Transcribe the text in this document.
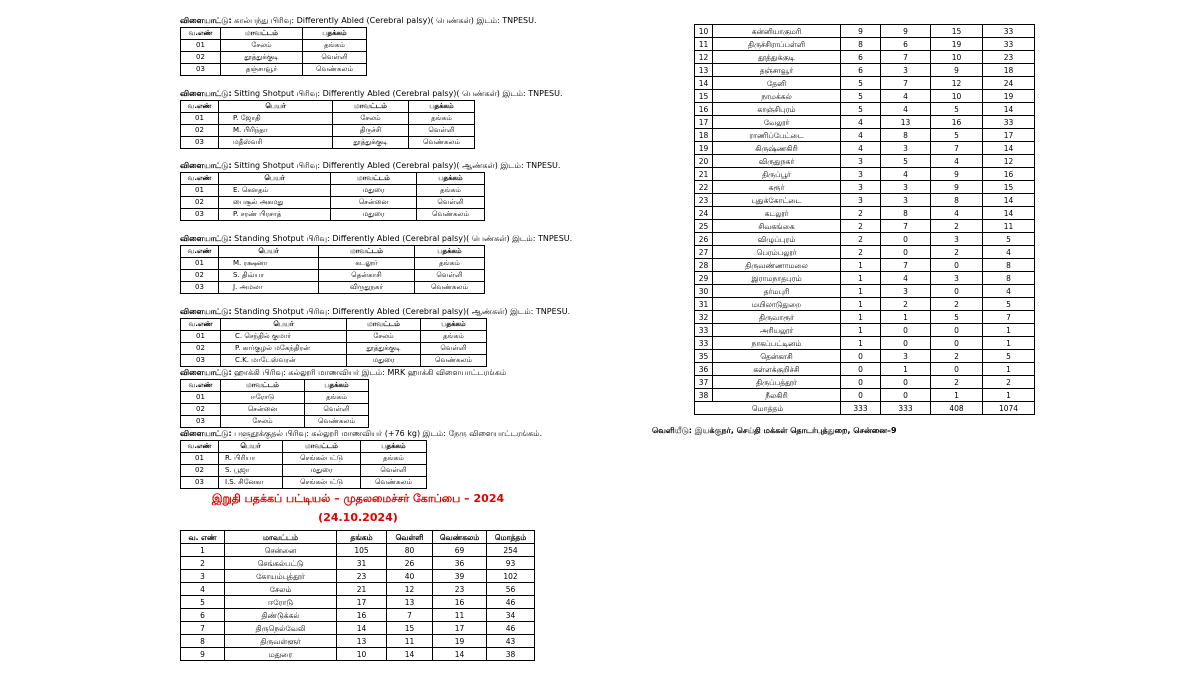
விளையாட்டு: கால்பந்து பிரிவு: Differently Abled (Cerebral palsy)( பெண்கள்) இடம்: TNPESU.
வ.எண்	மாவட்டம்	பதக்கம்
01	சேலம்	தங்கம்
02	தூத்துக்குடி	வெள்ளி
03	தஞ்சாவூர்	வெண்கலம்
விளையாட்டு: Sitting Shotput பிரிவு: Differently Abled (Cerebral palsy)( பெண்கள்) இடம்: TNPESU.
வ.எண்	பெயர்	மாவட்டம்	பதக்கம்
01	P. ஜோதி	சேலம்	தங்கம்
02	M. பிரிந்தா	திருச்சி	வெள்ளி
03	மதீஸ்வரி	தூத்துக்குடி	வெண்கலம்
விளையாட்டு: Sitting Shotput பிரிவு: Differently Abled (Cerebral palsy)( ஆண்கள்) இடம்: TNPESU.
வ.எண்	பெயர்	மாவட்டம்	பதக்கம்
01	E. கௌதம்	மதுரை	தங்கம்
02	பைசூல் அகமது	சென்னை	வெள்ளி
03	P. சரண் பிரசாத்	மதுரை	வெண்கலம்
விளையாட்டு: Standing Shotput பிரிவு: Differently Abled (Cerebral palsy)( பெண்கள்) இடம்: TNPESU.
வ.எண்	பெயர்	மாவட்டம்	பதக்கம்
01	M. ரக்ஷனா	கடலூர்	தங்கம்
02	S. திவ்யா	தென்காசி	வெள்ளி
03	J. அமலா	விருதுநகர்	வெண்கலம்
விளையாட்டு: Standing Shotput பிரிவு: Differently Abled (Cerebral palsy)( ஆண்கள்) இடம்: TNPESU.
வ.எண்	பெயர்	மாவட்டம்	பதக்கம்
01	C. செந்தில் குமார்	சேலம்	தங்கம்
02	P. கார்குழல் மகேந்திரன்	தூத்துக்குடி	வெள்ளி
03	C.K. மாடேஸ்வரன்	மதுரை	வெண்கலம்
விளையாட்டு: ஹாக்கி பிரிவு: கல்லூரி மாணவியர் இடம்: MRK ஹாக்கி விளையாட்டரங்கம்
வ.எண்	மாவட்டம்	பதக்கம்
01	ஈரோடு	தங்கம்
02	சென்னை	வெள்ளி
03	சேலம்	வெண்கலம்
விளையாட்டு: பளுதூக்குதல் பிரிவு: கல்லூரி மாணவியர் (+76 kg) இடம்: நேரு விளையாட்டரங்கம்.
வ.எண்	பெயர்	மாவட்டம்	பதக்கம்
01	R. பிரியா	செங்கல்பட்டு	தங்கம்
02	S. பூஜா	மதுரை	வெள்ளி
03	I.S. சினேகா	செங்கல்பட்டு	வெண்கலம்
இறுதி பதக்கப் பட்டியல் – முதலமைச்சர் கோப்பை – 2024
(24.10.2024)
வ. எண்	மாவட்டம்	தங்கம்	வெள்ளி	வெண்கலம்	மொத்தம்
1	சென்னை	105	80	69	254
2	செங்கல்பட்டு	31	26	36	93
3	கோயம்புத்தூர்	23	40	39	102
4	சேலம்	21	12	23	56
5	ஈரோடு	17	13	16	46
6	திண்டுக்கல்	16	7	11	34
7	திருநெல்வேலி	14	15	17	46
8	திருவள்ளூர்	13	11	19	43
9	மதுரை	10	14	14	38
10	கன்னியாகுமரி	9	9	15	33
11	திருச்சிராப்பள்ளி	8	6	19	33
12	தூத்துக்குடி	6	7	10	23
13	தஞ்சாவூர்	6	3	9	18
14	தேனி	5	7	12	24
15	நாமக்கல்	5	4	10	19
16	காஞ்சிபுரம்	5	4	5	14
17	வேலூர்	4	13	16	33
18	ராணிப்பேட்டை	4	8	5	17
19	கிருஷ்ணகிரி	4	3	7	14
20	விருதுநகர்	3	5	4	12
21	திருப்பூர்	3	4	9	16
22	கரூர்	3	3	9	15
23	புதுக்கோட்டை	3	3	8	14
24	கடலூர்	2	8	4	14
25	சிவகங்கை	2	7	2	11
26	விழுப்புரம்	2	0	3	5
27	பெரம்பலூர்	2	0	2	4
28	திருவண்ணாமலை	1	7	0	8
29	இராமநாதபுரம்	1	4	3	8
30	தர்மபுரி	1	3	0	4
31	மயிலாடுதுறை	1	2	2	5
32	திருவாரூர்	1	1	5	7
33	அரியலூர்	1	0	0	1
33	நாகப்பட்டினம்	1	0	0	1
35	தென்காசி	0	3	2	5
36	கள்ளக்குறிச்சி	0	1	0	1
37	திருப்பத்தூர்	0	0	2	2
38	நீலகிரி	0	0	1	1
மொத்தம்		333	333	408	1074
வெளியீடு: இயக்குநர், செய்தி மக்கள் தொடர்புத்துறை, சென்னை–9
